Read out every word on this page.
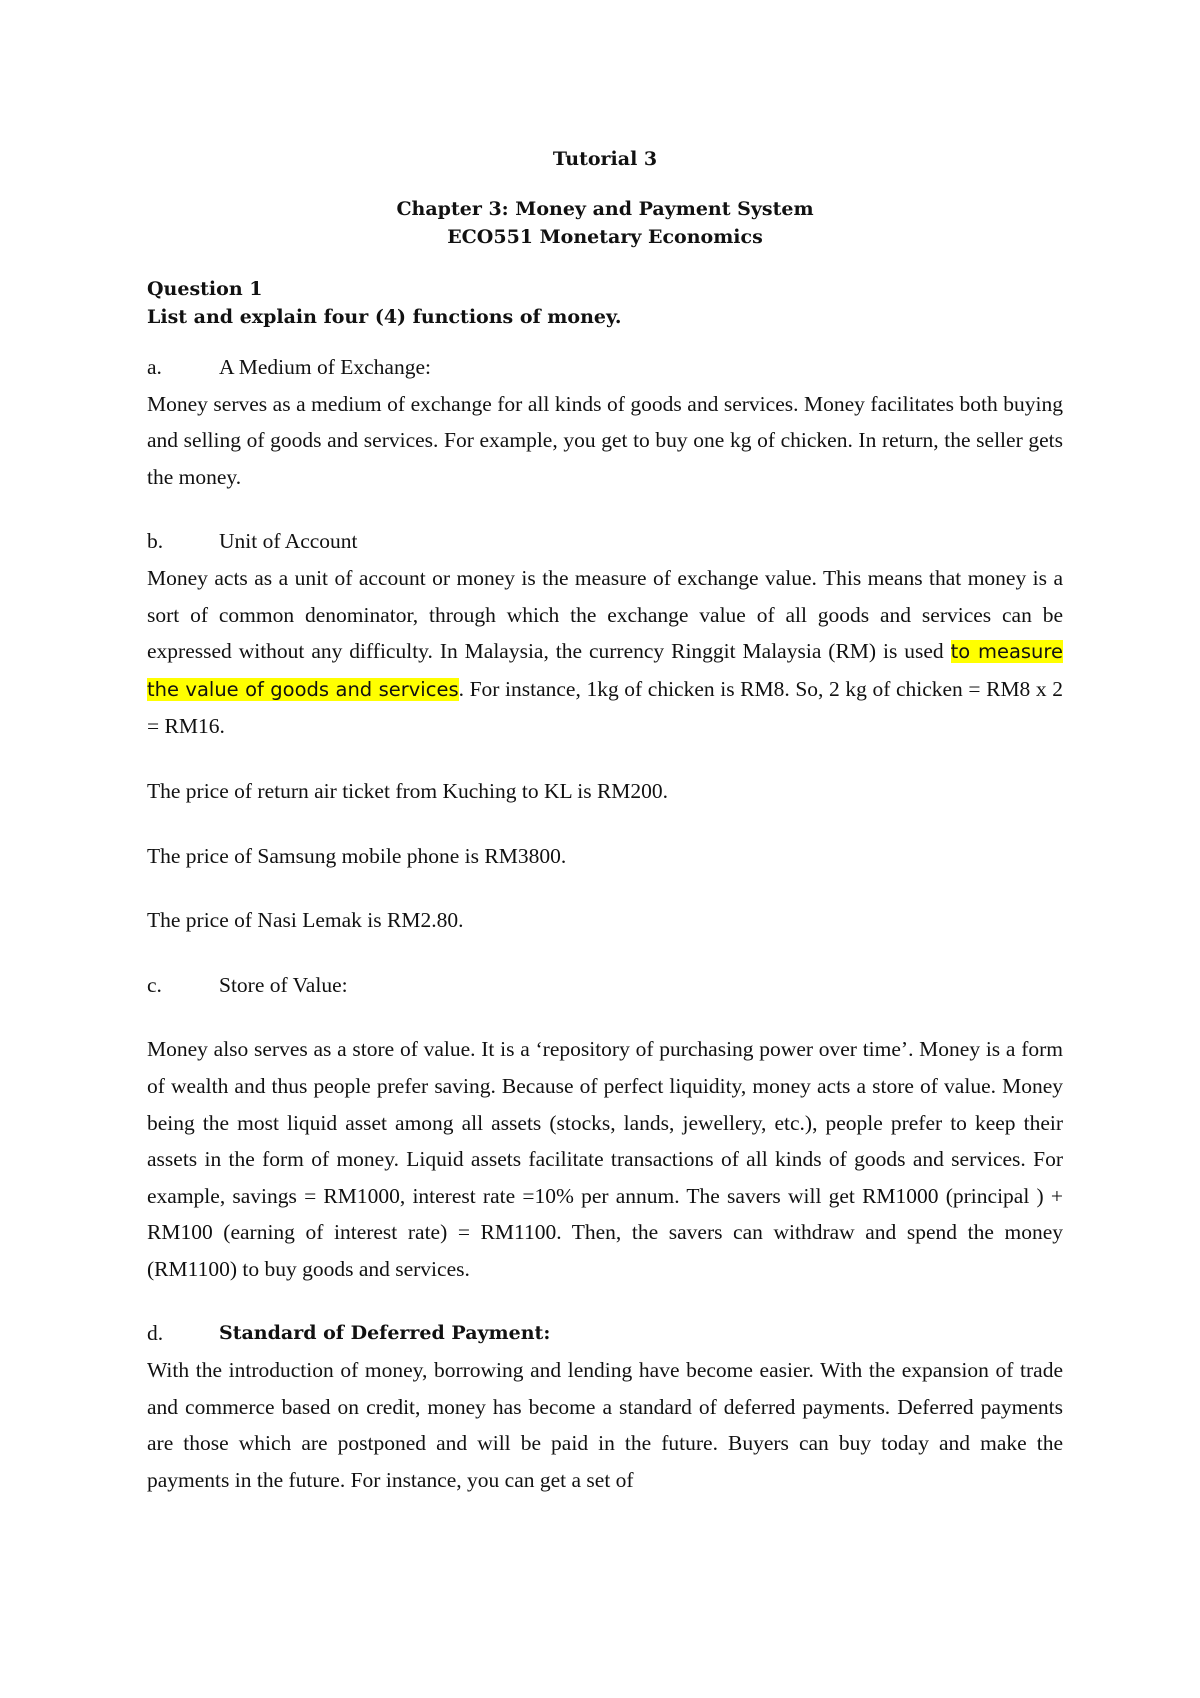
Tutorial 3
Chapter 3: Money and Payment System
ECO551 Monetary Economics
Question 1
List and explain four (4) functions of money.
a.	A Medium of Exchange:

Money serves as a medium of exchange for all kinds of goods and services. Money facilitates both buying and selling of goods and services. For example, you get to buy one kg of chicken. In return, the seller gets the money.

b.	Unit of Account

Money acts as a unit of account or money is the measure of exchange value. This means that money is a sort of common denominator, through which the exchange value of all goods and services can be expressed without any difficulty. In Malaysia, the currency Ringgit Malaysia (RM) is used to measure the value of goods and services. For instance, 1kg of chicken is RM8. So, 2 kg of chicken = RM8 x 2 = RM16.

The price of return air ticket from Kuching to KL is RM200.

The price of Samsung mobile phone is RM3800.

The price of Nasi Lemak is RM2.80.

c.	Store of Value:

Money also serves as a store of value. It is a ‘repository of purchasing power over time’. Money is a form of wealth and thus people prefer saving. Because of perfect liquidity, money acts a store of value. Money being the most liquid asset among all assets (stocks, lands, jewellery, etc.), people prefer to keep their assets in the form of money. Liquid assets facilitate transactions of all kinds of goods and services. For example, savings = RM1000, interest rate =10% per annum. The savers will get RM1000 (principal ) + RM100 (earning of interest rate) = RM1100. Then, the savers can withdraw and spend the money (RM1100) to buy goods and services.

d.	Standard of Deferred Payment:

With the introduction of money, borrowing and lending have become easier. With the expansion of trade and commerce based on credit, money has become a standard of deferred payments. Deferred payments are those which are postponed and will be paid in the future. Buyers can buy today and make the payments in the future. For instance, you can get a set of
